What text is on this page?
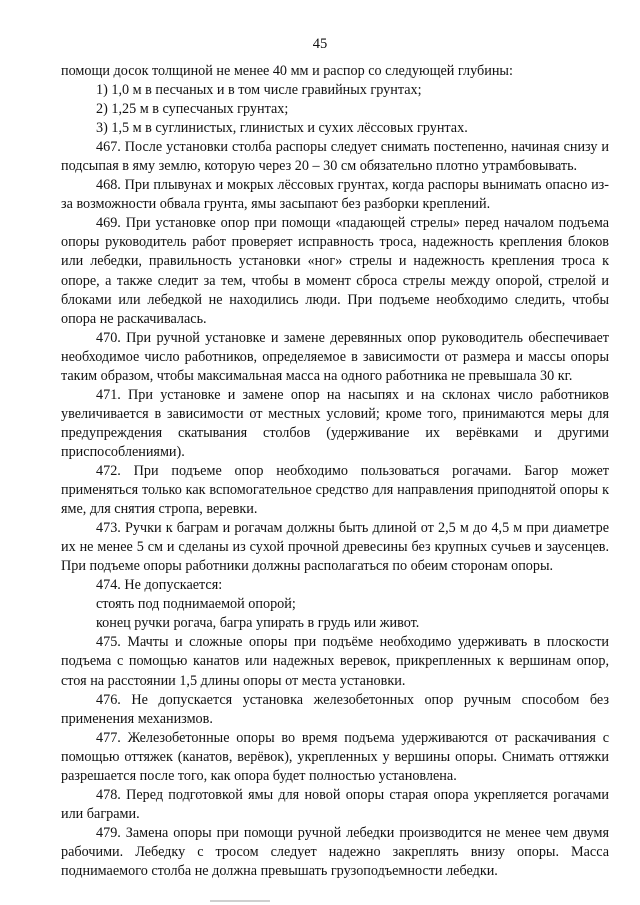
45

помощи досок толщиной не менее 40 мм и распор со следующей глубины:

1) 1,0 м в песчаных и в том числе гравийных грунтах;

2) 1,25 м в супесчаных грунтах;

3) 1,5 м в суглинистых, глинистых и сухих лёссовых грунтах.

467. После установки столба распоры следует снимать постепенно, начиная снизу и подсыпая в яму землю, которую через 20 – 30 см обязательно плотно утрамбовывать.

468. При плывунах и мокрых лёссовых грунтах, когда распоры вынимать опасно из-за возможности обвала грунта, ямы засыпают без разборки креплений.

469. При установке опор при помощи «падающей стрелы» перед началом подъема опоры руководитель работ проверяет исправность троса, надежность крепления блоков или лебедки, правильность установки «ног» стрелы и надежность крепления троса к опоре, а также следит за тем, чтобы в момент сброса стрелы между опорой, стрелой и блоками или лебедкой не находились люди. При подъеме необходимо следить, чтобы опора не раскачивалась.

470. При ручной установке и замене деревянных опор руководитель обеспечивает необходимое число работников, определяемое в зависимости от размера и массы опоры таким образом, чтобы максимальная масса на одного работника не превышала 30 кг.

471. При установке и замене опор на насыпях и на склонах число работников увеличивается в зависимости от местных условий; кроме того, принимаются меры для предупреждения скатывания столбов (удерживание их верёвками и другими приспособлениями).

472. При подъеме опор необходимо пользоваться рогачами. Багор может применяться только как вспомогательное средство для направления приподнятой опоры к яме, для снятия стропа, веревки.

473. Ручки к баграм и рогачам должны быть длиной от 2,5 м до 4,5 м при диаметре их не менее 5 см и сделаны из сухой прочной древесины без крупных сучьев и заусенцев. При подъеме опоры работники должны располагаться по обеим сторонам опоры.

474. Не допускается:

стоять под поднимаемой опорой;

конец ручки рогача, багра упирать в грудь или живот.

475. Мачты и сложные опоры при подъёме необходимо удерживать в плоскости подъема с помощью канатов или надежных веревок, прикрепленных к вершинам опор, стоя на расстоянии 1,5 длины опоры от места установки.

476. Не допускается установка железобетонных опор ручным способом без применения механизмов.

477. Железобетонные опоры во время подъема удерживаются от раскачивания с помощью оттяжек (канатов, верёвок), укрепленных у вершины опоры. Снимать оттяжки разрешается после того, как опора будет полностью установлена.

478. Перед подготовкой ямы для новой опоры старая опора укрепляется рогачами или баграми.

479. Замена опоры при помощи ручной лебедки производится не менее чем двумя рабочими. Лебедку с тросом следует надежно закреплять внизу опоры. Масса поднимаемого столба не должна превышать грузоподъемности лебедки.
